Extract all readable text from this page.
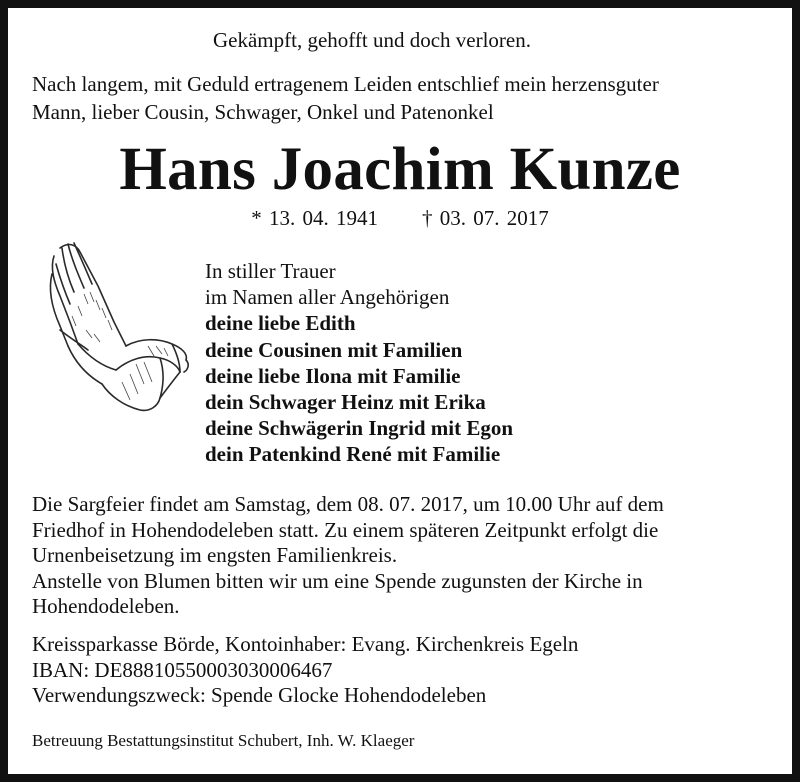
Gekämpft, gehofft und doch verloren.
Nach langem, mit Geduld ertragenem Leiden entschlief mein herzensguter
Mann, lieber Cousin, Schwager, Onkel und Patenonkel
Hans Joachim Kunze
* 13. 04. 1941 † 03. 07. 2017
In stiller Trauer
im Namen aller Angehörigen
deine liebe Edith
deine Cousinen mit Familien
deine liebe Ilona mit Familie
dein Schwager Heinz mit Erika
deine Schwägerin Ingrid mit Egon
dein Patenkind René mit Familie
Die Sargfeier findet am Samstag, dem 08. 07. 2017, um 10.00 Uhr auf dem
Friedhof in Hohendodeleben statt. Zu einem späteren Zeitpunkt erfolgt die
Urnenbeisetzung im engsten Familienkreis.
Anstelle von Blumen bitten wir um eine Spende zugunsten der Kirche in
Hohendodeleben.
Kreissparkasse Börde, Kontoinhaber: Evang. Kirchenkreis Egeln
IBAN: DE88810550003030006467
Verwendungszweck: Spende Glocke Hohendodeleben
Betreuung Bestattungsinstitut Schubert, Inh. W. Klaeger
